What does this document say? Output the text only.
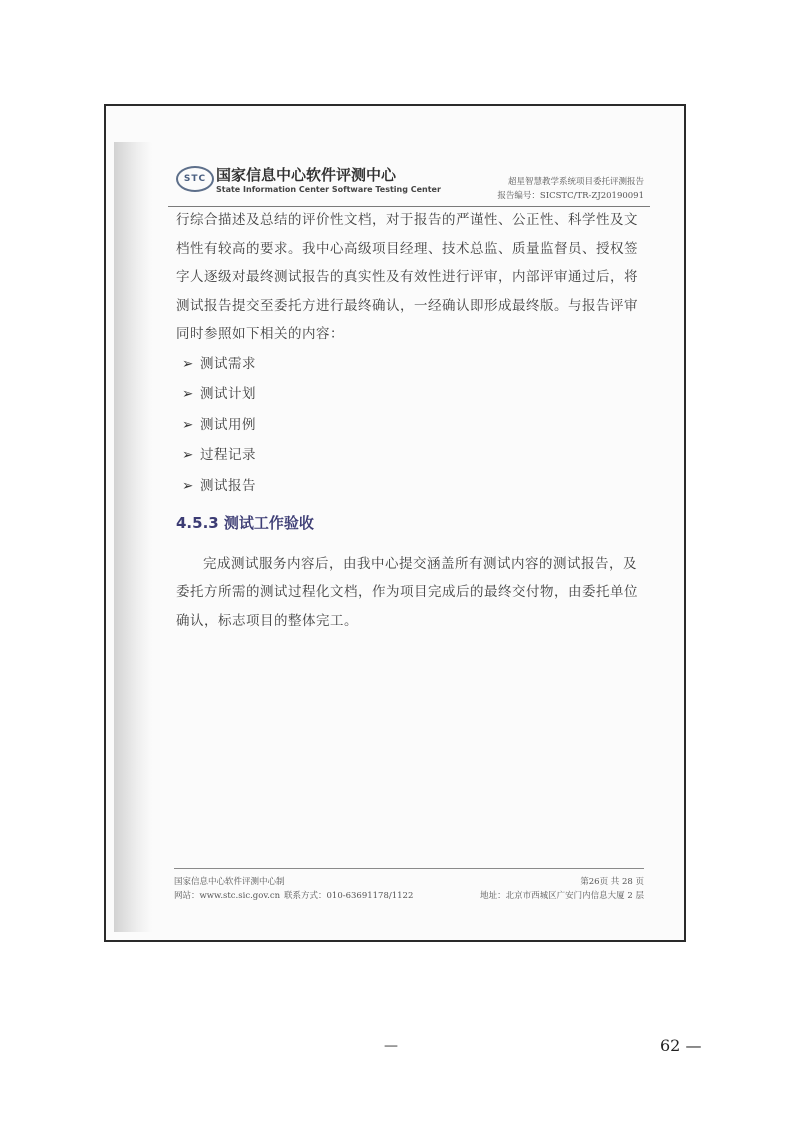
STC 国家信息中心软件评测中心
State Information Center Software Testing Center
超星智慧教学系统项目委托评测报告
报告编号：SICSTC/TR-ZJ20190091

行综合描述及总结的评价性文档，对于报告的严谨性、公正性、科学性及文档性有较高的要求。我中心高级项目经理、技术总监、质量监督员、授权签字人逐级对最终测试报告的真实性及有效性进行评审，内部评审通过后，将测试报告提交至委托方进行最终确认，一经确认即形成最终版。与报告评审同时参照如下相关的内容：

➢ 测试需求
➢ 测试计划
➢ 测试用例
➢ 过程记录
➢ 测试报告
4.5.3 测试工作验收

完成测试服务内容后，由我中心提交涵盖所有测试内容的测试报告，及委托方所需的测试过程化文档，作为项目完成后的最终交付物，由委托单位确认，标志项目的整体完工。

国家信息中心软件评测中心制
网站：www.stc.sic.gov.cn 联系方式：010-63691178/1122
第26页 共 28 页
地址：北京市西城区广安门内信息大厦 2 层
—	62 —
